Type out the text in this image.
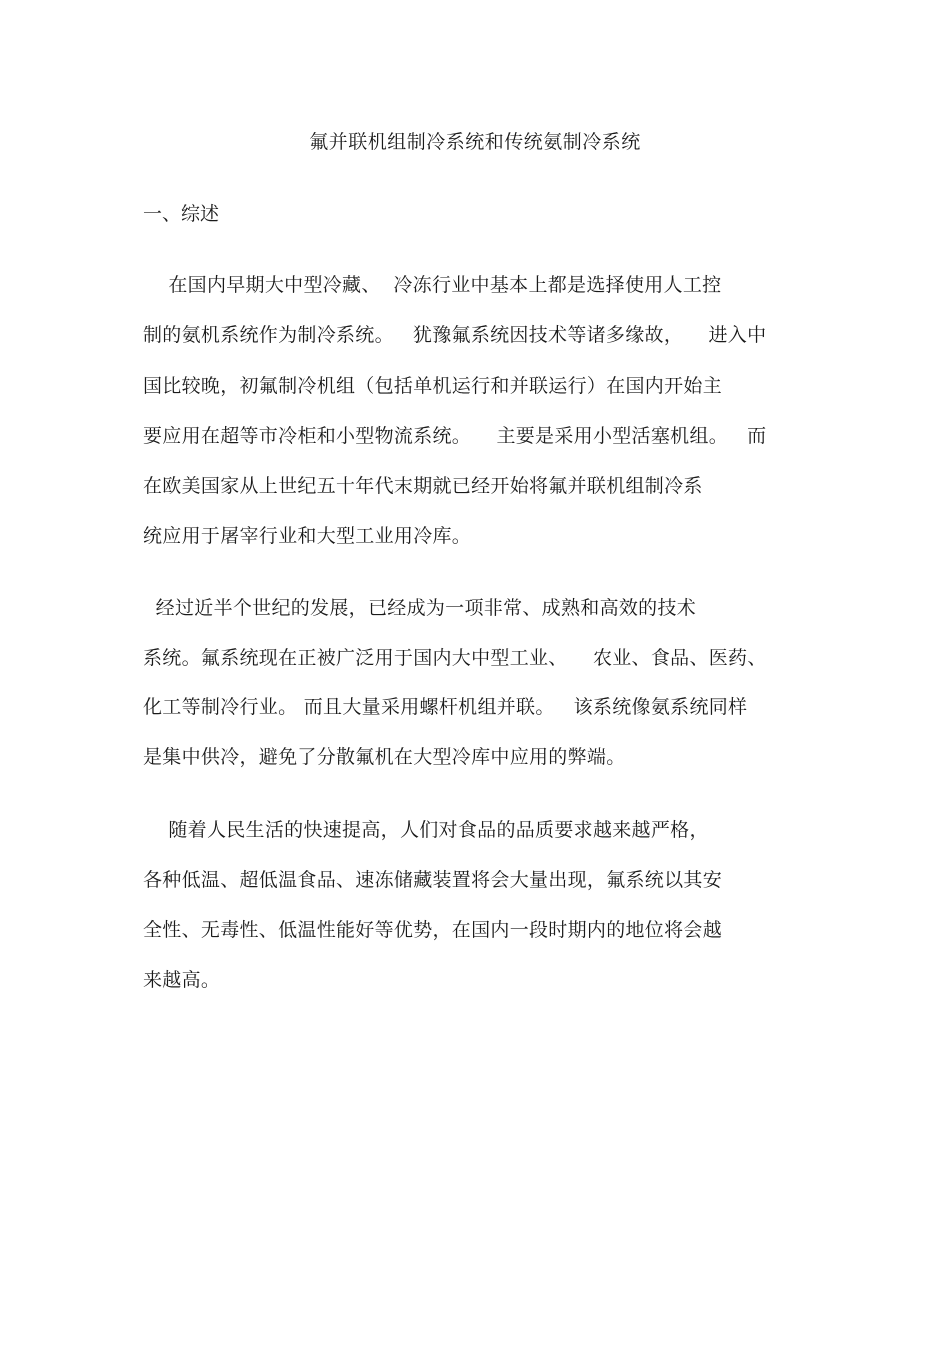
氟并联机组制冷系统和传统氨制冷系统
一、综述
在国内早期大中型冷藏、  冷冻行业中基本上都是选择使用人工控
制的氨机系统作为制冷系统。   犹豫氟系统因技术等诸多缘故，    进入中
国比较晚，初氟制冷机组（包括单机运行和并联运行）在国内开始主
要应用在超等市冷柜和小型物流系统。    主要是采用小型活塞机组。   而
在欧美国家从上世纪五十年代末期就已经开始将氟并联机组制冷系
统应用于屠宰行业和大型工业用冷库。
经过近半个世纪的发展，已经成为一项非常、成熟和高效的技术
系统。氟系统现在正被广泛用于国内大中型工业、    农业、食品、医药、
化工等制冷行业。 而且大量采用螺杆机组并联。   该系统像氨系统同样
是集中供冷，避免了分散氟机在大型冷库中应用的弊端。
随着人民生活的快速提高，人们对食品的品质要求越来越严格，
各种低温、超低温食品、速冻储藏装置将会大量出现，氟系统以其安
全性、无毒性、低温性能好等优势，在国内一段时期内的地位将会越
来越高。
